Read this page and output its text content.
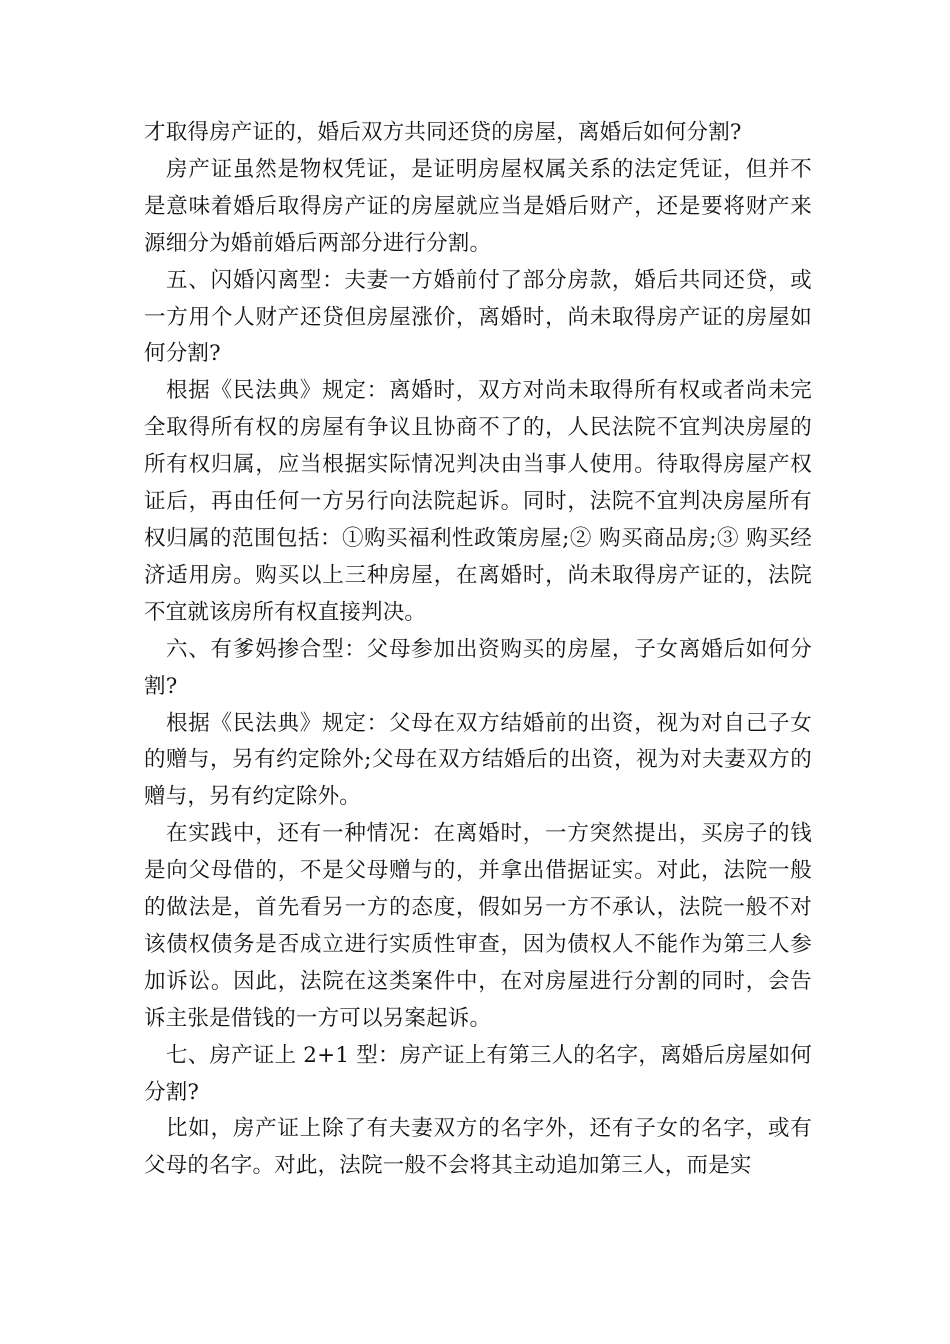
才取得房产证的，婚后双方共同还贷的房屋，离婚后如何分割?

房产证虽然是物权凭证，是证明房屋权属关系的法定凭证，但并不是意味着婚后取得房产证的房屋就应当是婚后财产，还是要将财产来源细分为婚前婚后两部分进行分割。

五、闪婚闪离型：夫妻一方婚前付了部分房款，婚后共同还贷，或一方用个人财产还贷但房屋涨价，离婚时，尚未取得房产证的房屋如何分割?

根据《民法典》规定：离婚时，双方对尚未取得所有权或者尚未完全取得所有权的房屋有争议且协商不了的，人民法院不宜判决房屋的所有权归属，应当根据实际情况判决由当事人使用。待取得房屋产权证后，再由任何一方另行向法院起诉。同时，法院不宜判决房屋所有权归属的范围包括：①购买福利性政策房屋;② 购买商品房;③ 购买经济适用房。购买以上三种房屋，在离婚时，尚未取得房产证的，法院不宜就该房所有权直接判决。

六、有爹妈掺合型：父母参加出资购买的房屋，子女离婚后如何分割?

根据《民法典》规定：父母在双方结婚前的出资，视为对自己子女的赠与，另有约定除外;父母在双方结婚后的出资，视为对夫妻双方的赠与，另有约定除外。

在实践中，还有一种情况：在离婚时，一方突然提出，买房子的钱是向父母借的，不是父母赠与的，并拿出借据证实。对此，法院一般的做法是，首先看另一方的态度，假如另一方不承认，法院一般不对该债权债务是否成立进行实质性审查，因为债权人不能作为第三人参加诉讼。因此，法院在这类案件中，在对房屋进行分割的同时，会告诉主张是借钱的一方可以另案起诉。

七、房产证上 2+1 型：房产证上有第三人的名字，离婚后房屋如何分割?

比如，房产证上除了有夫妻双方的名字外，还有子女的名字，或有父母的名字。对此，法院一般不会将其主动追加第三人，而是实
